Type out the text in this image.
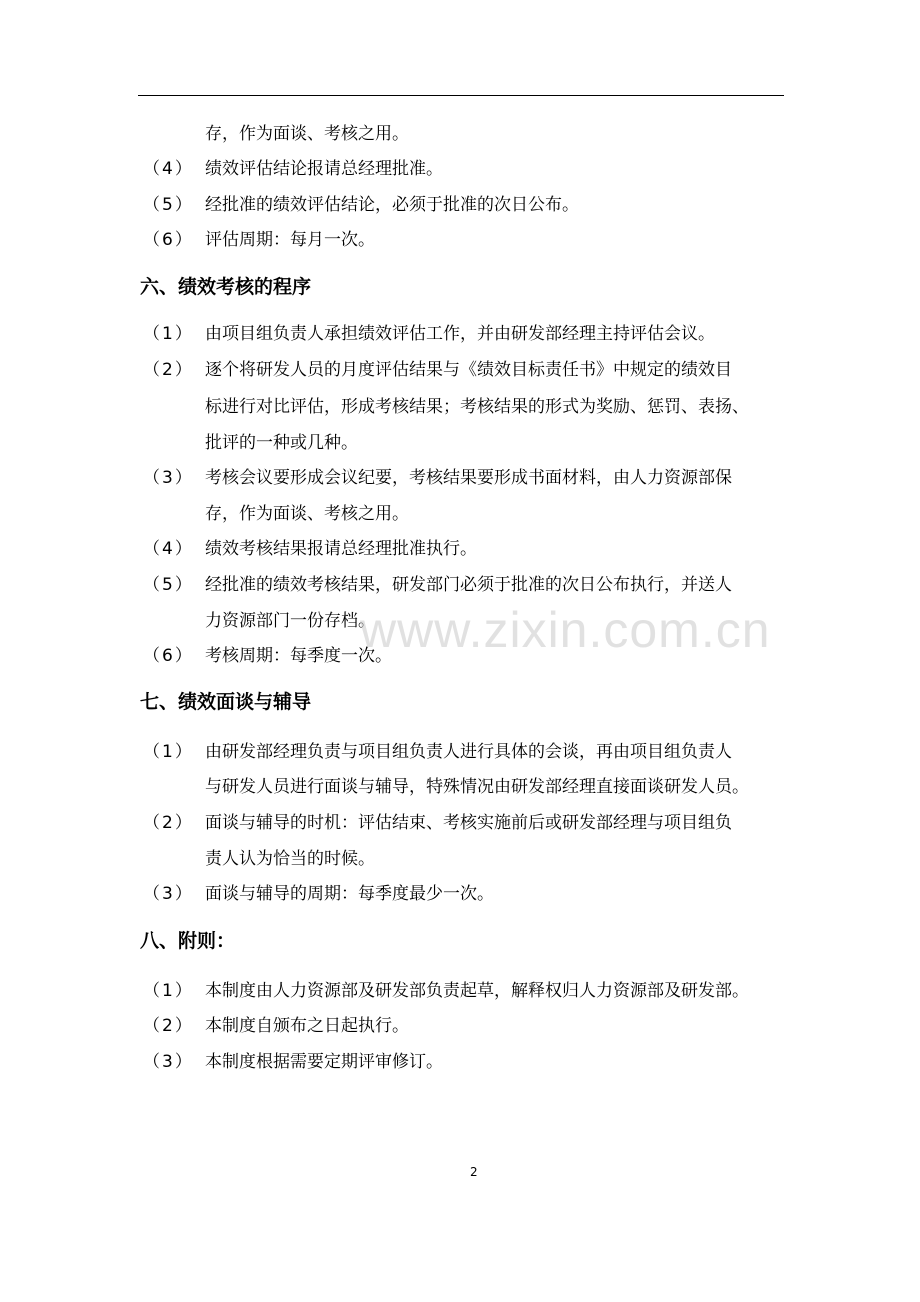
存，作为面谈、考核之用。
（4） 绩效评估结论报请总经理批准。
（5） 经批准的绩效评估结论，必须于批准的次日公布。
（6） 评估周期：每月一次。
六、绩效考核的程序
（1） 由项目组负责人承担绩效评估工作，并由研发部经理主持评估会议。
（2） 逐个将研发人员的月度评估结果与《绩效目标责任书》中规定的绩效目
标进行对比评估，形成考核结果；考核结果的形式为奖励、惩罚、表扬、
批评的一种或几种。
（3） 考核会议要形成会议纪要，考核结果要形成书面材料，由人力资源部保
存，作为面谈、考核之用。
（4） 绩效考核结果报请总经理批准执行。
（5） 经批准的绩效考核结果，研发部门必须于批准的次日公布执行，并送人
力资源部门一份存档。
（6） 考核周期：每季度一次。
七、绩效面谈与辅导
（1） 由研发部经理负责与项目组负责人进行具体的会谈，再由项目组负责人
与研发人员进行面谈与辅导，特殊情况由研发部经理直接面谈研发人员。
（2） 面谈与辅导的时机：评估结束、考核实施前后或研发部经理与项目组负
责人认为恰当的时候。
（3） 面谈与辅导的周期：每季度最少一次。
八、附则：
（1） 本制度由人力资源部及研发部负责起草，解释权归人力资源部及研发部。
（2） 本制度自颁布之日起执行。
（3） 本制度根据需要定期评审修订。
www.zixin.com.cn
2
